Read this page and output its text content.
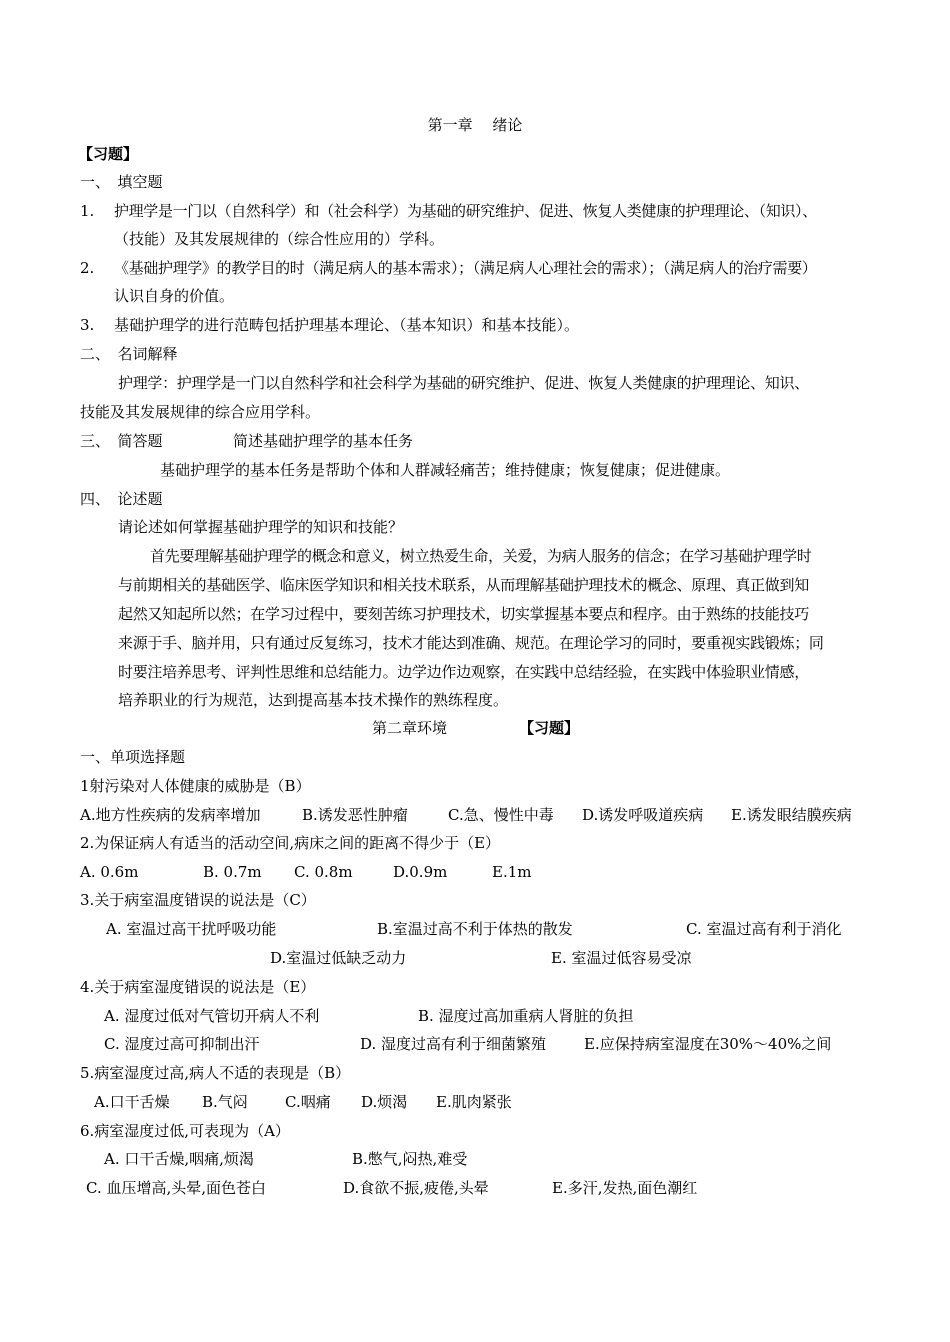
第一章　 绪论
【习题】
一、　填空题
1. 护理学是一门以（自然科学）和（社会科学）为基础的研究维护、促进、恢复人类健康的护理理论、（知识）、
（技能）及其发展规律的（综合性应用的）学科。
2. 《基础护理学》的教学目的时（满足病人的基本需求）；（满足病人心理社会的需求）；（满足病人的治疗需要）
认识自身的价值。
3. 基础护理学的进行范畴包括护理基本理论、（基本知识）和基本技能）。
二、　名词解释
护理学：护理学是一门以自然科学和社会科学为基础的研究维护、促进、恢复人类健康的护理理论、知识、
技能及其发展规律的综合应用学科。
三、　简答题	简述基础护理学的基本任务
基础护理学的基本任务是帮助个体和人群减轻痛苦；维持健康；恢复健康；促进健康。
四、　论述题
请论述如何掌握基础护理学的知识和技能？
首先要理解基础护理学的概念和意义，树立热爱生命，关爱，为病人服务的信念；在学习基础护理学时
与前期相关的基础医学、临床医学知识和相关技术联系，从而理解基础护理技术的概念、原理、真正做到知
起然又知起所以然；在学习过程中，要刻苦练习护理技术，切实掌握基本要点和程序。由于熟练的技能技巧
来源于手、脑并用，只有通过反复练习，技术才能达到准确、规范。在理论学习的同时，要重视实践锻炼；同
时要注培养思考、评判性思维和总结能力。边学边作边观察，在实践中总结经验，在实践中体验职业情感，
培养职业的行为规范，达到提高基本技术操作的熟练程度。
第二章环境	【习题】
一、单项选择题
1射污染对人体健康的威胁是（B）
A.地方性疾病的发病率增加	B.诱发恶性肿瘤	C.急、慢性中毒 D.诱发呼吸道疾病 E.诱发眼结膜疾病
2.为保证病人有适当的活动空间,病床之间的距离不得少于（E）
A. 0.6m	B. 0.7m C. 0.8m	D.0.9m	E.1m
3.关于病室温度错误的说法是（C）
A. 室温过高干扰呼吸功能	B.室温过高不利于体热的散发	C. 室温过高有利于消化
D.室温过低缺乏动力	E. 室温过低容易受凉
4.关于病室湿度错误的说法是（E）
A. 湿度过低对气管切开病人不利	B. 湿度过高加重病人肾脏的负担
C. 湿度过高可抑制出汗	D. 湿度过高有利于细菌繁殖	E.应保持病室湿度在30%～40%之间
5.病室湿度过高,病人不适的表现是（B）
A.口干舌燥 B.气闷 C.咽痛 D.烦渴 E.肌肉紧张
6.病室湿度过低,可表现为（A）
A. 口干舌燥,咽痛,烦渴	B.憋气,闷热,难受
C. 血压增高,头晕,面色苍白	D.食欲不振,疲倦,头晕	E.多汗,发热,面色潮红
